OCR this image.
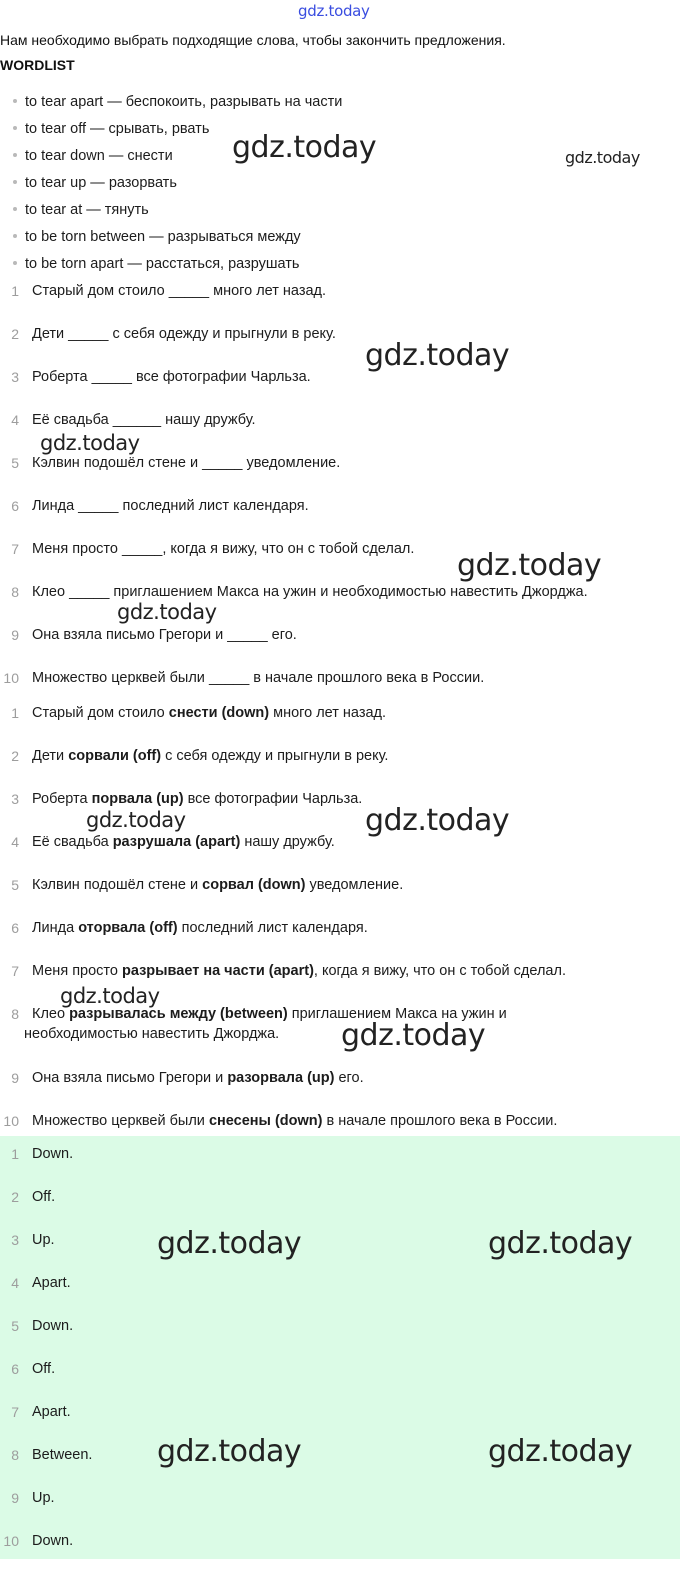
gdz.today
Нам необходимо выбрать подходящие слова, чтобы закончить предложения.
WORDLIST
to tear apart — беспокоить, разрывать на части
to tear off — срывать, рвать
to tear down — снести
to tear up — разорвать
to tear at — тянуть
to be torn between — разрываться между
to be torn apart — расстаться, разрушать
1 Старый дом стоило _____ много лет назад.
2 Дети _____ с себя одежду и прыгнули в реку.
3 Роберта _____ все фотографии Чарльза.
4 Её свадьба ______ нашу дружбу.
5 Кэлвин подошёл стене и _____ уведомление.
6 Линда _____ последний лист календаря.
7 Меня просто _____, когда я вижу, что он с тобой сделал.
8 Клео _____ приглашением Макса на ужин и необходимостью навестить Джорджа.
9 Она взяла письмо Грегори и _____ его.
10 Множество церквей были _____ в начале прошлого века в России.
1 Старый дом стоило снести (down) много лет назад.
2 Дети сорвали (off) с себя одежду и прыгнули в реку.
3 Роберта порвала (up) все фотографии Чарльза.
4 Её свадьба разрушала (apart) нашу дружбу.
5 Кэлвин подошёл стене и сорвал (down) уведомление.
6 Линда оторвала (off) последний лист календаря.
7 Меня просто разрывает на части (apart), когда я вижу, что он с тобой сделал.
8 Клео разрывалась между (between) приглашением Макса на ужин и
необходимостью навестить Джорджа.
9 Она взяла письмо Грегори и разорвала (up) его.
10 Множество церквей были снесены (down) в начале прошлого века в России.
1 Down.
2 Off.
3 Up.
4 Apart.
5 Down.
6 Off.
7 Apart.
8 Between.
9 Up.
10 Down.
gdz.today	gdz.today
gdz.today
gdz.today
gdz.today
gdz.today
gdz.today	gdz.today
gdz.today
gdz.today
gdz.today	gdz.today
gdz.today	gdz.today
